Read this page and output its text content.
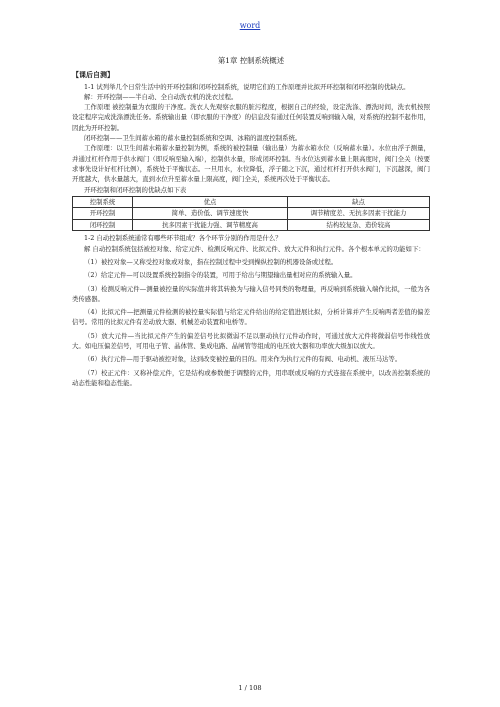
word
第1章 控制系统概述
【课后自测】

1-1 试列举几个日常生活中的开环控制和闭环控制系统，说明它们的工作原理并比拟开环控制和闭环控制的优缺点。

解：开环控制——半自动、全自动洗衣机的洗衣过程。

工作原理 被控制量为衣服的干净度。洗衣人先观察衣服的脏污程度，根据自己的经验，设定洗涤、漂洗时间，洗衣机按照设定程序完成洗涤漂洗任务。系统输出量（即衣服的干净度）的信息没有通过任何装置反响到输入端，对系统的控制不起作用，因此为开环控制。

闭环控制——卫生间蓄水箱的蓄水量控制系统和空调、冰箱的温度控制系统。

工作原理：以卫生间蓄水箱蓄水量控制为例，系统的被控制量（输出量）为蓄水箱水位（反响蓄水量）。水位由浮子测量，并通过杠杆作用于供水阀门（即反响至输入端），控制供水量，形成闭环控制。当水位达到蓄水量上限高度时，阀门全关（按要求事先设计好杠杆比例），系统处于平衡状态。一旦用水，水位降低，浮子随之下沉，通过杠杆打开供水阀门，下沉越深，阀门开度越大，供水量越大，直到水位升至蓄水量上限高度，阀门全关，系统再次处于平衡状态。

开环控制和闭环控制的优缺点如下表

控制系统	优点	缺点
开环控制	简单、造价低、调节速度快	调节精度差、无抗多因素干扰能力
闭环控制	抗多因素干扰能力强、调节精度高	结构较复杂、造价较高

1-2 自动控制系统通常有哪些环节组成？各个环节分别的作用是什么？

解 自动控制系统包括被控对象、给定元件、检测反响元件、比拟元件、放大元件和执行元件。各个根本单元的功能如下：

（1）被控对象—又称受控对象或对象，指在控制过程中受到操纵控制的机器设备或过程。

（2）给定元件—可以设置系统控制指令的装置，可用于给出与期望输出量相对应的系统输入量。

（3）检测反响元件—测量被控量的实际值并将其转换为与输入信号同类的物理量，再反响到系统输入端作比拟，一般为各类传感器。

（4）比拟元件—把测量元件检测的被控量实际值与给定元件给出的给定值进展比拟，分析计算并产生反响两者差值的偏差信号。常用的比拟元件有差动放大器、机械差动装置和电桥等。

（5）放大元件—当比拟元件产生的偏差信号比拟微弱不足以驱动执行元件动作时，可通过放大元件将微弱信号作线性放大。如电压偏差信号，可用电子管、晶体管、集成电路、晶闸管等组成的电压放大器和功率放大级加以放大。

（6）执行元件—用于驱动被控对象，达到改变被控量的目的。用来作为执行元件的有阀、电动机、液压马达等。

（7）校正元件：又称补偿元件，它是结构或参数便于调整的元件，用串联或反响的方式连接在系统中，以改善控制系统的动态性能和稳态性能。

1 / 108
